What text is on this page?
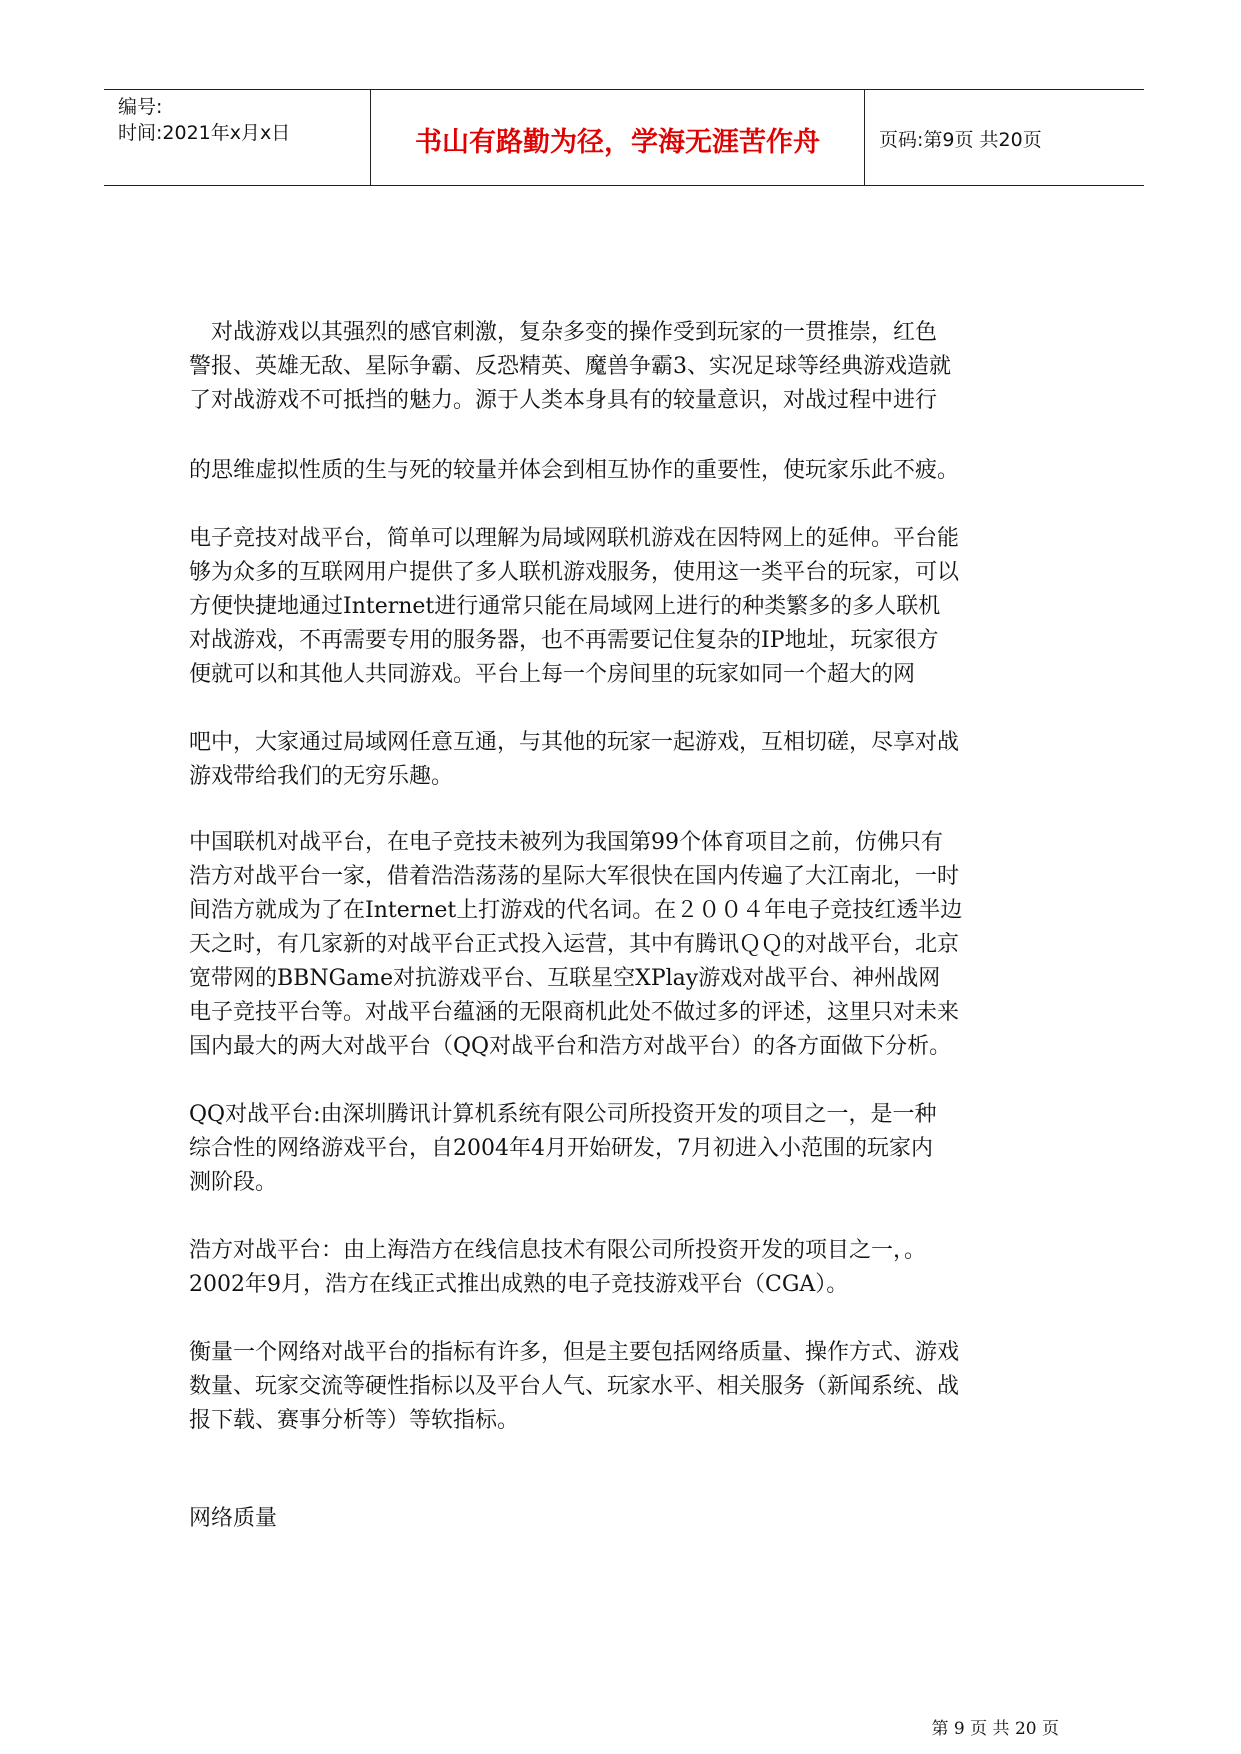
编号:
时间:2021年x月x日	书山有路勤为径，学海无涯苦作舟	页码:第9页 共20页
　对战游戏以其强烈的感官刺激，复杂多变的操作受到玩家的一贯推崇，红色
警报、英雄无敌、星际争霸、反恐精英、魔兽争霸3、实况足球等经典游戏造就
了对战游戏不可抵挡的魅力。源于人类本身具有的较量意识，对战过程中进行
的思维虚拟性质的生与死的较量并体会到相互协作的重要性，使玩家乐此不疲。
电子竞技对战平台，简单可以理解为局域网联机游戏在因特网上的延伸。平台能
够为众多的互联网用户提供了多人联机游戏服务，使用这一类平台的玩家，可以
方便快捷地通过Internet进行通常只能在局域网上进行的种类繁多的多人联机
对战游戏，不再需要专用的服务器，也不再需要记住复杂的IP地址，玩家很方
便就可以和其他人共同游戏。平台上每一个房间里的玩家如同一个超大的网
吧中，大家通过局域网任意互通，与其他的玩家一起游戏，互相切磋，尽享对战
游戏带给我们的无穷乐趣。
中国联机对战平台，在电子竞技未被列为我国第99个体育项目之前，仿佛只有
浩方对战平台一家，借着浩浩荡荡的星际大军很快在国内传遍了大江南北，一时
间浩方就成为了在Internet上打游戏的代名词。在２００４年电子竞技红透半边
天之时，有几家新的对战平台正式投入运营，其中有腾讯ＱＱ的对战平台，北京
宽带网的BBNGame对抗游戏平台、互联星空XPlay游戏对战平台、神州战网
电子竞技平台等。对战平台蕴涵的无限商机此处不做过多的评述，这里只对未来
国内最大的两大对战平台（QQ对战平台和浩方对战平台）的各方面做下分析。
QQ对战平台:由深圳腾讯计算机系统有限公司所投资开发的项目之一，是一种
综合性的网络游戏平台，自2004年4月开始研发，7月初进入小范围的玩家内
测阶段。
浩方对战平台：由上海浩方在线信息技术有限公司所投资开发的项目之一，。
2002年9月，浩方在线正式推出成熟的电子竞技游戏平台（CGA）。
衡量一个网络对战平台的指标有许多，但是主要包括网络质量、操作方式、游戏
数量、玩家交流等硬性指标以及平台人气、玩家水平、相关服务（新闻系统、战
报下载、赛事分析等）等软指标。
网络质量
第 9 页 共 20 页
